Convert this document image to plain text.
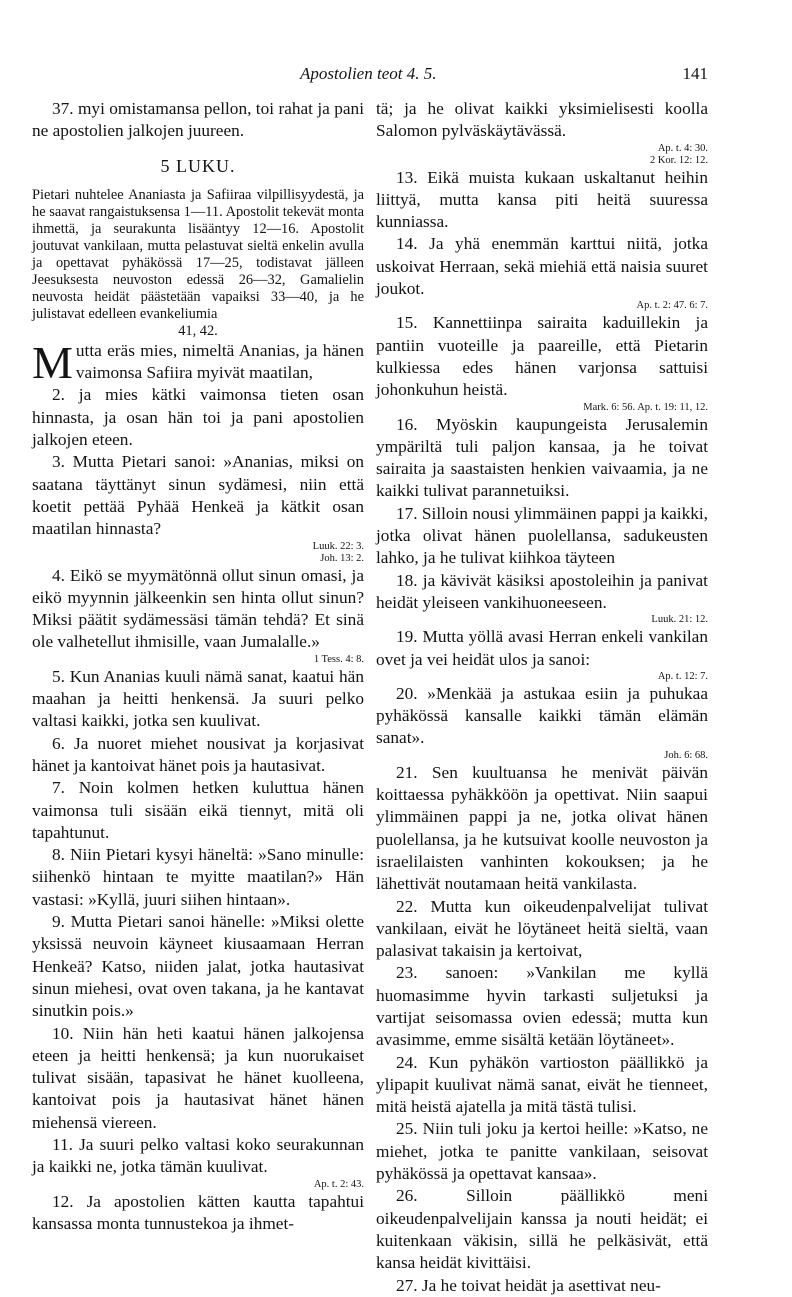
Apostolien teot 4. 5.	141

37. myi omistamansa pellon, toi rahat ja pani ne apostolien jalkojen juureen.

5 LUKU.

Pietari nuhtelee Ananiasta ja Safiiraa vilpillisyydestä, ja he saavat rangaistuksensa 1—11. Apostolit tekevät monta ihmettä, ja seurakunta lisääntyy 12—16. Apostolit joutuvat vankilaan, mutta pelastuvat sieltä enkelin avulla ja opettavat pyhäkössä 17—25, todistavat jälleen Jeesuksesta neuvoston edessä 26—32, Gamalielin neuvosta heidät päästetään vapaiksi 33—40, ja he julistavat edelleen evankeliumia

41, 42.

Mutta eräs mies, nimeltä Ananias, ja hänen vaimonsa Safiira myivät maatilan,

2. ja mies kätki vaimonsa tieten osan hinnasta, ja osan hän toi ja pani apostolien jalkojen eteen.

3. Mutta Pietari sanoi: »Ananias, miksi on saatana täyttänyt sinun sydämesi, niin että koetit pettää Pyhää Henkeä ja kätkit osan maatilan hinnasta?

Luuk. 22: 3.

Joh. 13: 2.

4. Eikö se myymätönnä ollut sinun omasi, ja eikö myynnin jälkeenkin sen hinta ollut sinun? Miksi päätit sydämessäsi tämän tehdä? Et sinä ole valhetellut ihmisille, vaan Jumalalle.»

1 Tess. 4: 8.

5. Kun Ananias kuuli nämä sanat, kaatui hän maahan ja heitti henkensä. Ja suuri pelko valtasi kaikki, jotka sen kuulivat.

6. Ja nuoret miehet nousivat ja korjasivat hänet ja kantoivat hänet pois ja hautasivat.

7. Noin kolmen hetken kuluttua hänen vaimonsa tuli sisään eikä tiennyt, mitä oli tapahtunut.

8. Niin Pietari kysyi häneltä: »Sano minulle: siihenkö hintaan te myitte maatilan?» Hän vastasi: »Kyllä, juuri siihen hintaan».

9. Mutta Pietari sanoi hänelle: »Miksi olette yksissä neuvoin käyneet kiusaamaan Herran Henkeä? Katso, niiden jalat, jotka hautasivat sinun miehesi, ovat oven takana, ja he kantavat sinutkin pois.»

10. Niin hän heti kaatui hänen jalkojensa eteen ja heitti henkensä; ja kun nuorukaiset tulivat sisään, tapasivat he hänet kuolleena, kantoivat pois ja hautasivat hänet hänen miehensä viereen.

11. Ja suuri pelko valtasi koko seurakunnan ja kaikki ne, jotka tämän kuulivat.

Ap. t. 2: 43.

12. Ja apostolien kätten kautta tapahtui kansassa monta tunnustekoa ja ihmet-

tä; ja he olivat kaikki yksimielisesti koolla Salomon pylväskäytävässä.

Ap. t. 4: 30.

2 Kor. 12: 12.

13. Eikä muista kukaan uskaltanut heihin liittyä, mutta kansa piti heitä suuressa kunniassa.

14. Ja yhä enemmän karttui niitä, jotka uskoivat Herraan, sekä miehiä että naisia suuret joukot.

Ap. t. 2: 47. 6: 7.

15. Kannettiinpa sairaita kaduillekin ja pantiin vuoteille ja paareille, että Pietarin kulkiessa edes hänen varjonsa sattuisi johonkuhun heistä.

Mark. 6: 56. Ap. t. 19: 11, 12.

16. Myöskin kaupungeista Jerusalemin ympäriltä tuli paljon kansaa, ja he toivat sairaita ja saastaisten henkien vaivaamia, ja ne kaikki tulivat parannetuiksi.

17. Silloin nousi ylimmäinen pappi ja kaikki, jotka olivat hänen puolellansa, sadukeusten lahko, ja he tulivat kiihkoa täyteen

18. ja kävivät käsiksi apostoleihin ja panivat heidät yleiseen vankihuoneeseen.

Luuk. 21: 12.

19. Mutta yöllä avasi Herran enkeli vankilan ovet ja vei heidät ulos ja sanoi:

Ap. t. 12: 7.

20. »Menkää ja astukaa esiin ja puhukaa pyhäkössä kansalle kaikki tämän elämän sanat».

Joh. 6: 68.

21. Sen kuultuansa he menivät päivän koittaessa pyhäkköön ja opettivat. Niin saapui ylimmäinen pappi ja ne, jotka olivat hänen puolellansa, ja he kutsuivat koolle neuvoston ja israelilaisten vanhinten kokouksen; ja he lähettivät noutamaan heitä vankilasta.

22. Mutta kun oikeudenpalvelijat tulivat vankilaan, eivät he löytäneet heitä sieltä, vaan palasivat takaisin ja kertoivat,

23. sanoen: »Vankilan me kyllä huomasimme hyvin tarkasti suljetuksi ja vartijat seisomassa ovien edessä; mutta kun avasimme, emme sisältä ketään löytäneet».

24. Kun pyhäkön vartioston päällikkö ja ylipapit kuulivat nämä sanat, eivät he tienneet, mitä heistä ajatella ja mitä tästä tulisi.

25. Niin tuli joku ja kertoi heille: »Katso, ne miehet, jotka te panitte vankilaan, seisovat pyhäkössä ja opettavat kansaa».

26. Silloin päällikkö meni oikeudenpalvelijain kanssa ja nouti heidät; ei kuitenkaan väkisin, sillä he pelkäsivät, että kansa heidät kivittäisi.

27. Ja he toivat heidät ja asettivat neu-
